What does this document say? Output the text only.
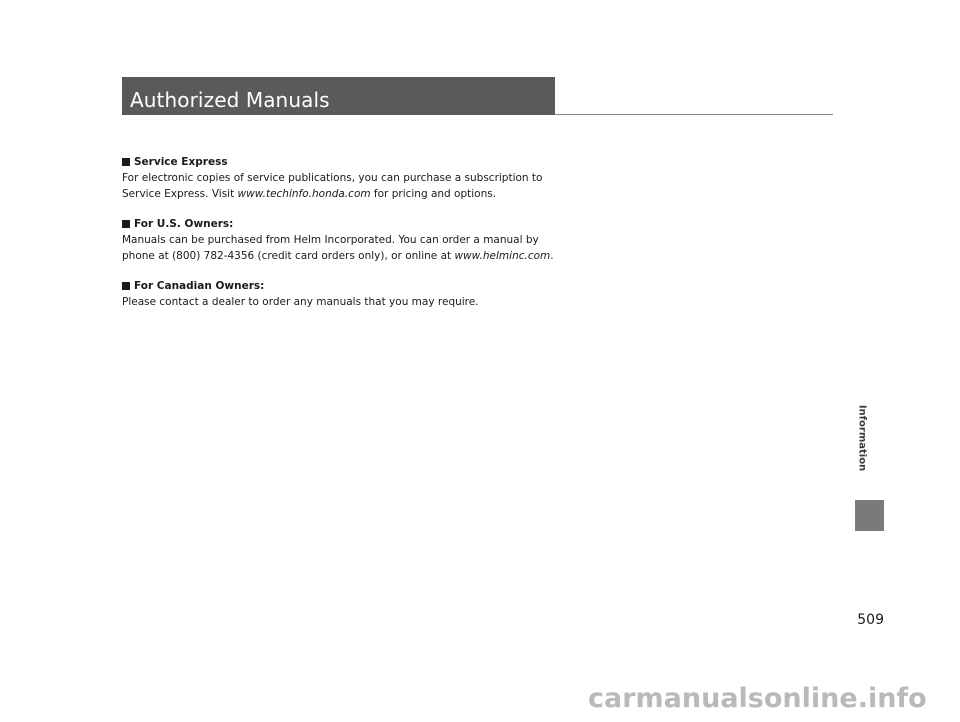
Authorized Manuals
Service Express
For electronic copies of service publications, you can purchase a subscription to Service Express. Visit www.techinfo.honda.com for pricing and options.
For U.S. Owners:
Manuals can be purchased from Helm Incorporated. You can order a manual by phone at (800) 782-4356 (credit card orders only), or online at www.helminc.com.
For Canadian Owners:
Please contact a dealer to order any manuals that you may require.
Information
509
carmanualsonline.info
